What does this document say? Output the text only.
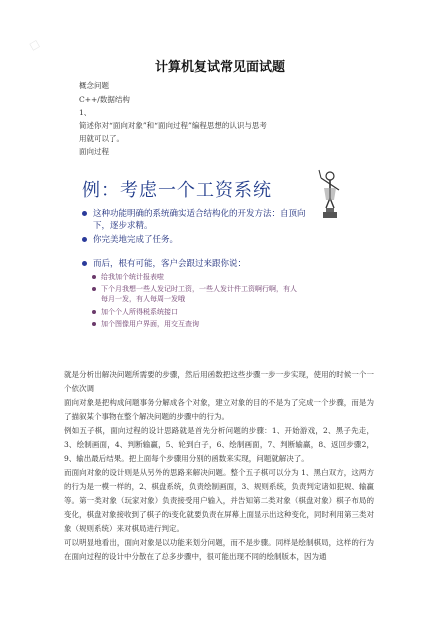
□
计算机复试常见面试题
概念问题
C++/数据结构
1、
简述你对“面向对象”和“面向过程”编程思想的认识与思考
用就可以了。
面向过程
例：考虑一个工资系统
这种功能明确的系统确实适合结构化的开发方法：自顶向
下，逐步求精。
你完美地完成了任务。
而后，根有可能，客户会跟过来跟你说：
给我加个统计报表啦
下个月我想一些人发记时工资，一些人发计件工资啊行啊，有人
每月一发，有人每周一发哦
加个个人所得税系统接口
加个图像用户界面，用交互查询
就是分析出解决问题所需要的步骤，然后用函数把这些步骤一步一步实现，使用的时候一个一个依次调
面向对象是把构成问题事务分解成各个对象，建立对象的目的不是为了完成一个步骤，而是为了描叙某个事物在整个解决问题的步骤中的行为。
例如五子棋，面向过程的设计思路就是首先分析问题的步骤：1、开始游戏，2、黑子先走，3、绘制画面，4、判断输赢，5、轮到白子，6、绘制画面，7、判断输赢，8、返回步骤2，9、输出最后结果。把上面每个步骤用分别的函数来实现，问题就解决了。
而面向对象的设计则是从另外的思路来解决问题。整个五子棋可以分为 1、黑白双方，这两方的行为是一模一样的，2、棋盘系统，负责绘制画面，3、规则系统，负责判定诸如犯规、输赢等。第一类对象（玩家对象）负责接受用户输入，并告知第二类对象（棋盘对象）棋子布局的变化，棋盘对象接收到了棋子的i变化就要负责在屏幕上面显示出这种变化，同时利用第三类对象（规则系统）来对棋局进行判定。
可以明显地看出，面向对象是以功能来划分问题，而不是步骤。同样是绘制棋局，这样的行为在面向过程的设计中分散在了总多步骤中，很可能出现不同的绘制版本，因为通
